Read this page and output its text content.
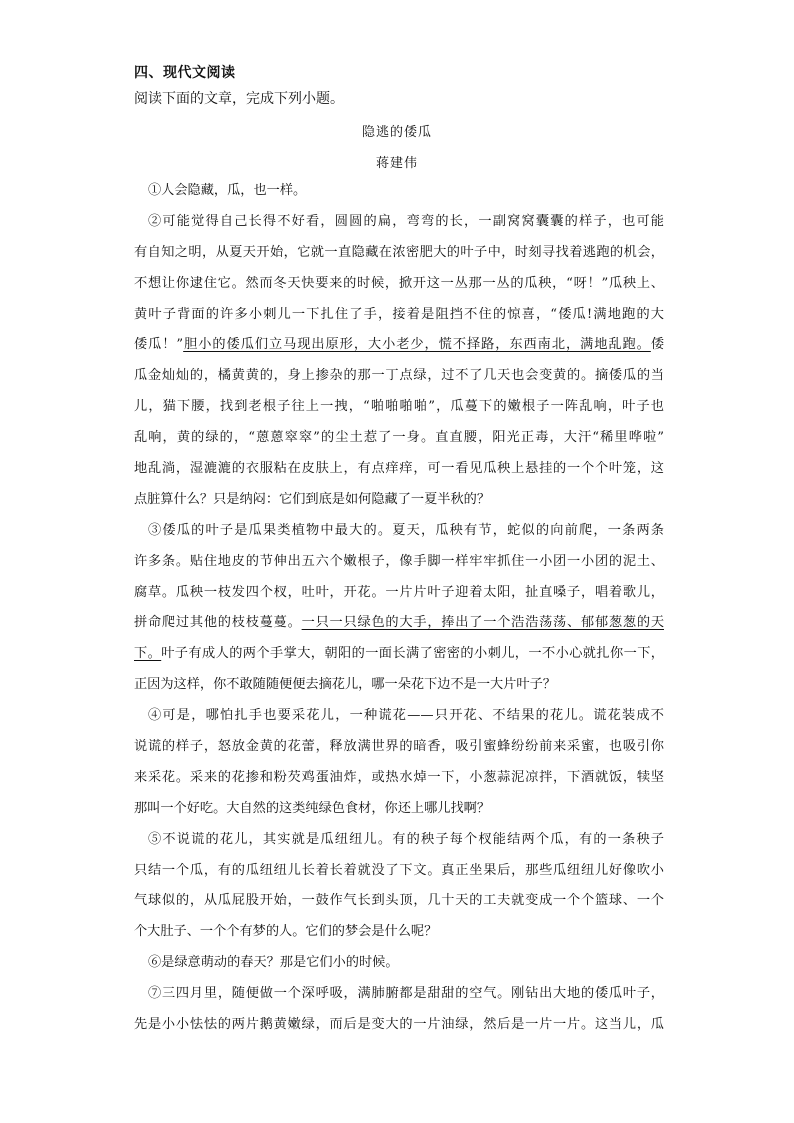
四、现代文阅读
阅读下面的文章，完成下列小题。
隐逃的倭瓜
蒋建伟
①人会隐藏，瓜，也一样。
②可能觉得自己长得不好看，圆圆的扁，弯弯的长，一副窝窝囊囊的样子，也可能
有自知之明，从夏天开始，它就一直隐藏在浓密肥大的叶子中，时刻寻找着逃跑的机会，
不想让你逮住它。然而冬天快要来的时候，掀开这一丛那一丛的瓜秧，“呀！”瓜秧上、
黄叶子背面的许多小刺儿一下扎住了手，接着是阻挡不住的惊喜，“倭瓜!满地跑的大
倭瓜！”胆小的倭瓜们立马现出原形，大小老少，慌不择路，东西南北，满地乱跑。倭
瓜金灿灿的，橘黄黄的，身上掺杂的那一丁点绿，过不了几天也会变黄的。摘倭瓜的当
儿，猫下腰，找到老根子往上一拽，“啪啪啪啪”，瓜蔓下的嫩根子一阵乱响，叶子也
乱响，黄的绿的，“蒽蒽窣窣”的尘土惹了一身。直直腰，阳光正毒，大汗“稀里哗啦”
地乱淌，湿漉漉的衣服粘在皮肤上，有点痒痒，可一看见瓜秧上悬挂的一个个叶笼，这
点脏算什么？只是纳闷：它们到底是如何隐藏了一夏半秋的？
③倭瓜的叶子是瓜果类植物中最大的。夏天，瓜秧有节，蛇似的向前爬，一条两条
许多条。贴住地皮的节伸出五六个嫩根子，像手脚一样牢牢抓住一小团一小团的泥土、
腐草。瓜秧一枝发四个杈，吐叶，开花。一片片叶子迎着太阳，扯直嗓子，唱着歌儿，
拼命爬过其他的枝枝蔓蔓。一只一只绿色的大手，捧出了一个浩浩荡荡、郁郁葱葱的天
下。叶子有成人的两个手掌大，朝阳的一面长满了密密的小刺儿，一不小心就扎你一下，
正因为这样，你不敢随随便便去摘花儿，哪一朵花下边不是一大片叶子？
④可是，哪怕扎手也要采花儿，一种谎花——只开花、不结果的花儿。谎花装成不
说谎的样子，怒放金黄的花蕾，释放满世界的暗香，吸引蜜蜂纷纷前来采蜜，也吸引你
来采花。采来的花掺和粉芡鸡蛋油炸，或热水焯一下，小葱蒜泥凉拌，下酒就饭，犊坚
那叫一个好吃。大自然的这类纯绿色食材，你还上哪儿找啊？
⑤不说谎的花儿，其实就是瓜纽纽儿。有的秧子每个杈能结两个瓜，有的一条秧子
只结一个瓜，有的瓜纽纽儿长着长着就没了下文。真正坐果后，那些瓜纽纽儿好像吹小
气球似的，从瓜屁股开始，一鼓作气长到头顶，几十天的工夫就变成一个个篮球、一个
个大肚子、一个个有梦的人。它们的梦会是什么呢？
⑥是绿意萌动的春天？那是它们小的时候。
⑦三四月里，随便做一个深呼吸，满肺腑都是甜甜的空气。刚钻出大地的倭瓜叶子，
先是小小怯怯的两片鹅黄嫩绿，而后是变大的一片油绿，然后是一片一片。这当儿，瓜
